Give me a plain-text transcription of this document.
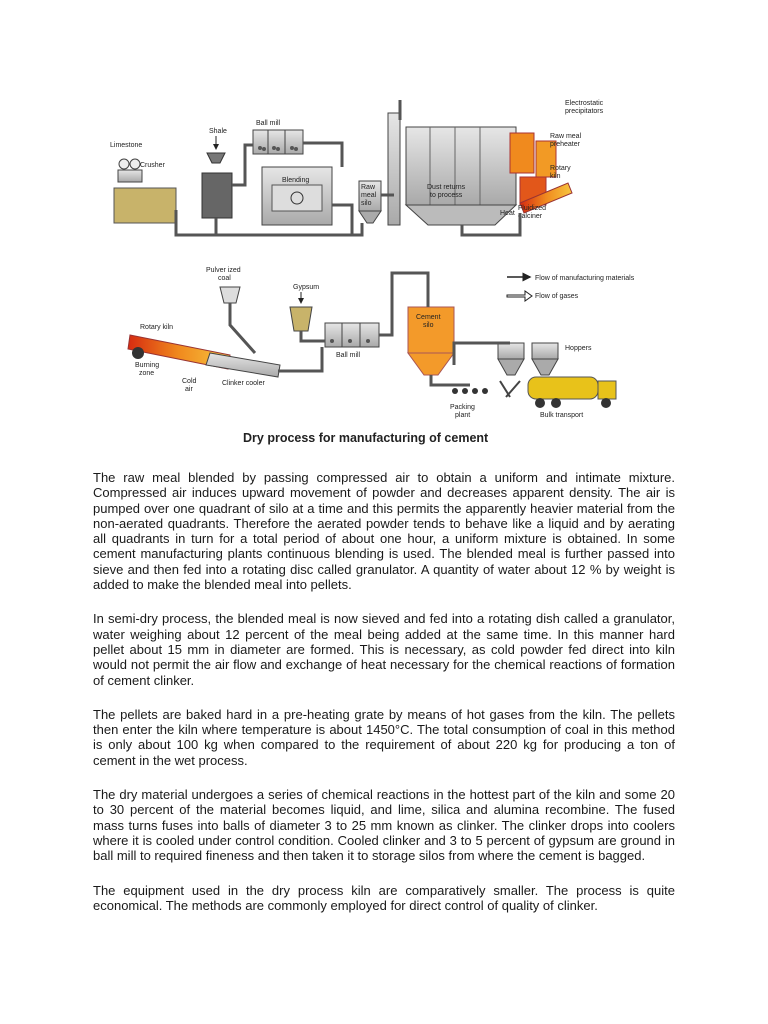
Limestone
Crusher
Shale
Ball mill
Blending
Raw
meal
silo
Dust returns
to process
Electrostatic
precipitators
Raw meal
preheater
Rotary
kiln
Heat
Fluidized
calciner
Flow of manufacturing materials
Flow of gases
Pulver ized
coal
Gypsum
Rotary kiln
Burning
zone
Cold
air
Clinker cooler
Ball mill
Cement
silo
Hoppers
Bulk transport
Packing
plant
Dry process for manufacturing of cement

The raw meal blended by passing compressed air to obtain a uniform and intimate mixture. Compressed air induces upward movement of powder and decreases apparent density. The air is pumped over one quadrant of silo at a time and this permits the apparently heavier material from the non-aerated quadrants. Therefore the aerated powder tends to behave like a liquid and by aerating all quadrants in turn for a total period of about one hour, a uniform mixture is obtained. In some cement manufacturing plants continuous blending is used. The blended meal is further passed into sieve and then fed into a rotating disc called granulator. A quantity of water about 12 % by weight is added to make the blended meal into pellets.

In semi-dry process, the blended meal is now sieved and fed into a rotating dish called a granulator, water weighing about 12 percent of the meal being added at the same time. In this manner hard pellet about 15 mm in diameter are formed. This is necessary, as cold powder fed direct into kiln would not permit the air flow and exchange of heat necessary for the chemical reactions of formation of cement clinker.

The pellets are baked hard in a pre-heating grate by means of hot gases from the kiln. The pellets then enter the kiln where temperature is about 1450°C. The total consumption of coal in this method is only about 100 kg when compared to the requirement of about 220 kg for producing a ton of cement in the wet process.

The dry material undergoes a series of chemical reactions in the hottest part of the kiln and some 20 to 30 percent of the material becomes liquid, and lime, silica and alumina recombine. The fused mass turns fuses into balls of diameter 3 to 25 mm known as clinker. The clinker drops into coolers where it is cooled under control condition. Cooled clinker and 3 to 5 percent of gypsum are ground in ball mill to required fineness and then taken it to storage silos from where the cement is bagged.

The equipment used in the dry process kiln are comparatively smaller. The process is quite economical. The methods are commonly employed for direct control of quality of clinker.
